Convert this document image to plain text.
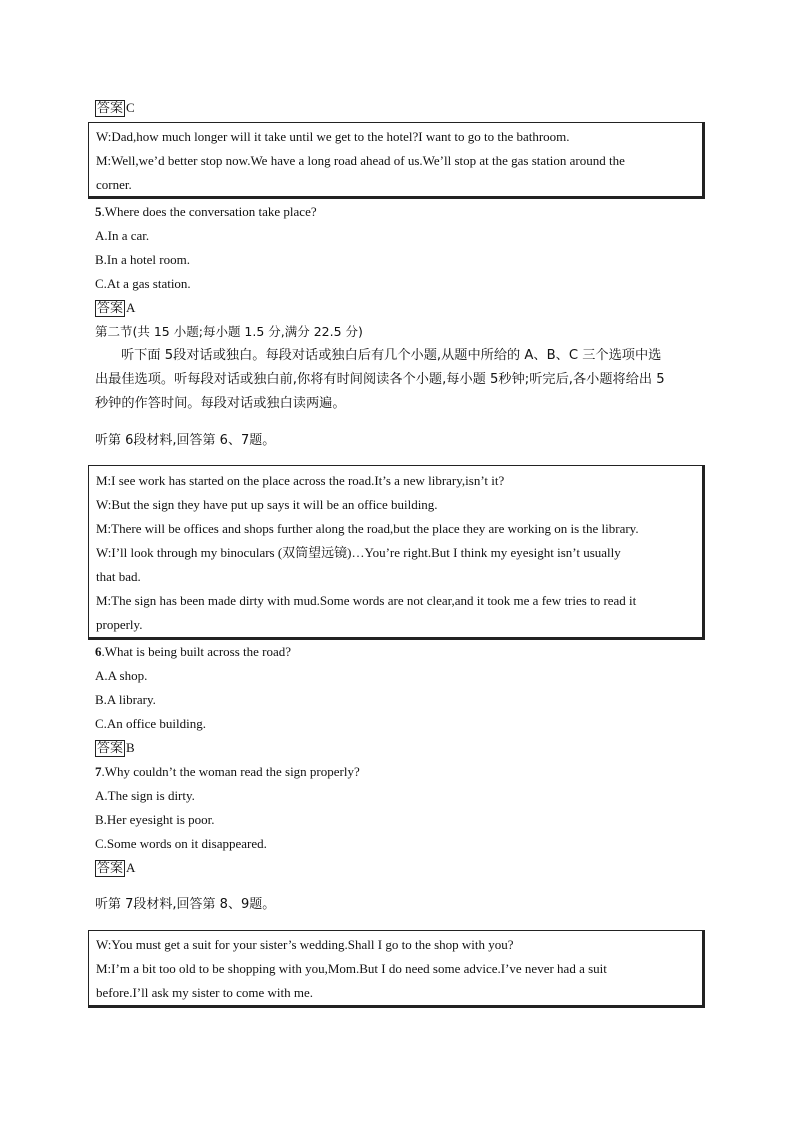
答案 C
W:Dad,how much longer will it take until we get to the hotel?I want to go to the bathroom.
M:Well,we’d better stop now.We have a long road ahead of us.We’ll stop at the gas station around the
corner.
5.Where does the conversation take place?
A.In a car.
B.In a hotel room.
C.At a gas station.
答案 A
第二节(共 15 小题;每小题 1.5 分,满分 22.5 分)
听下面 5段对话或独白。每段对话或独白后有几个小题,从题中所给的 A、B、C 三个选项中选
出最佳选项。听每段对话或独白前,你将有时间阅读各个小题,每小题 5秒钟;听完后,各小题将给出 5
秒钟的作答时间。每段对话或独白读两遍。
听第 6段材料,回答第 6、7题。
M:I see work has started on the place across the road.It’s a new library,isn’t it?
W:But the sign they have put up says it will be an office building.
M:There will be offices and shops further along the road,but the place they are working on is the library.
W:I’ll look through my binoculars (双筒望远镜)…You’re right.But I think my eyesight isn’t usually
that bad.
M:The sign has been made dirty with mud.Some words are not clear,and it took me a few tries to read it
properly.
6.What is being built across the road?
A.A shop.
B.A library.
C.An office building.
答案 B
7.Why couldn’t the woman read the sign properly?
A.The sign is dirty.
B.Her eyesight is poor.
C.Some words on it disappeared.
答案 A
听第 7段材料,回答第 8、9题。
W:You must get a suit for your sister’s wedding.Shall I go to the shop with you?
M:I’m a bit too old to be shopping with you,Mom.But I do need some advice.I’ve never had a suit
before.I’ll ask my sister to come with me.
